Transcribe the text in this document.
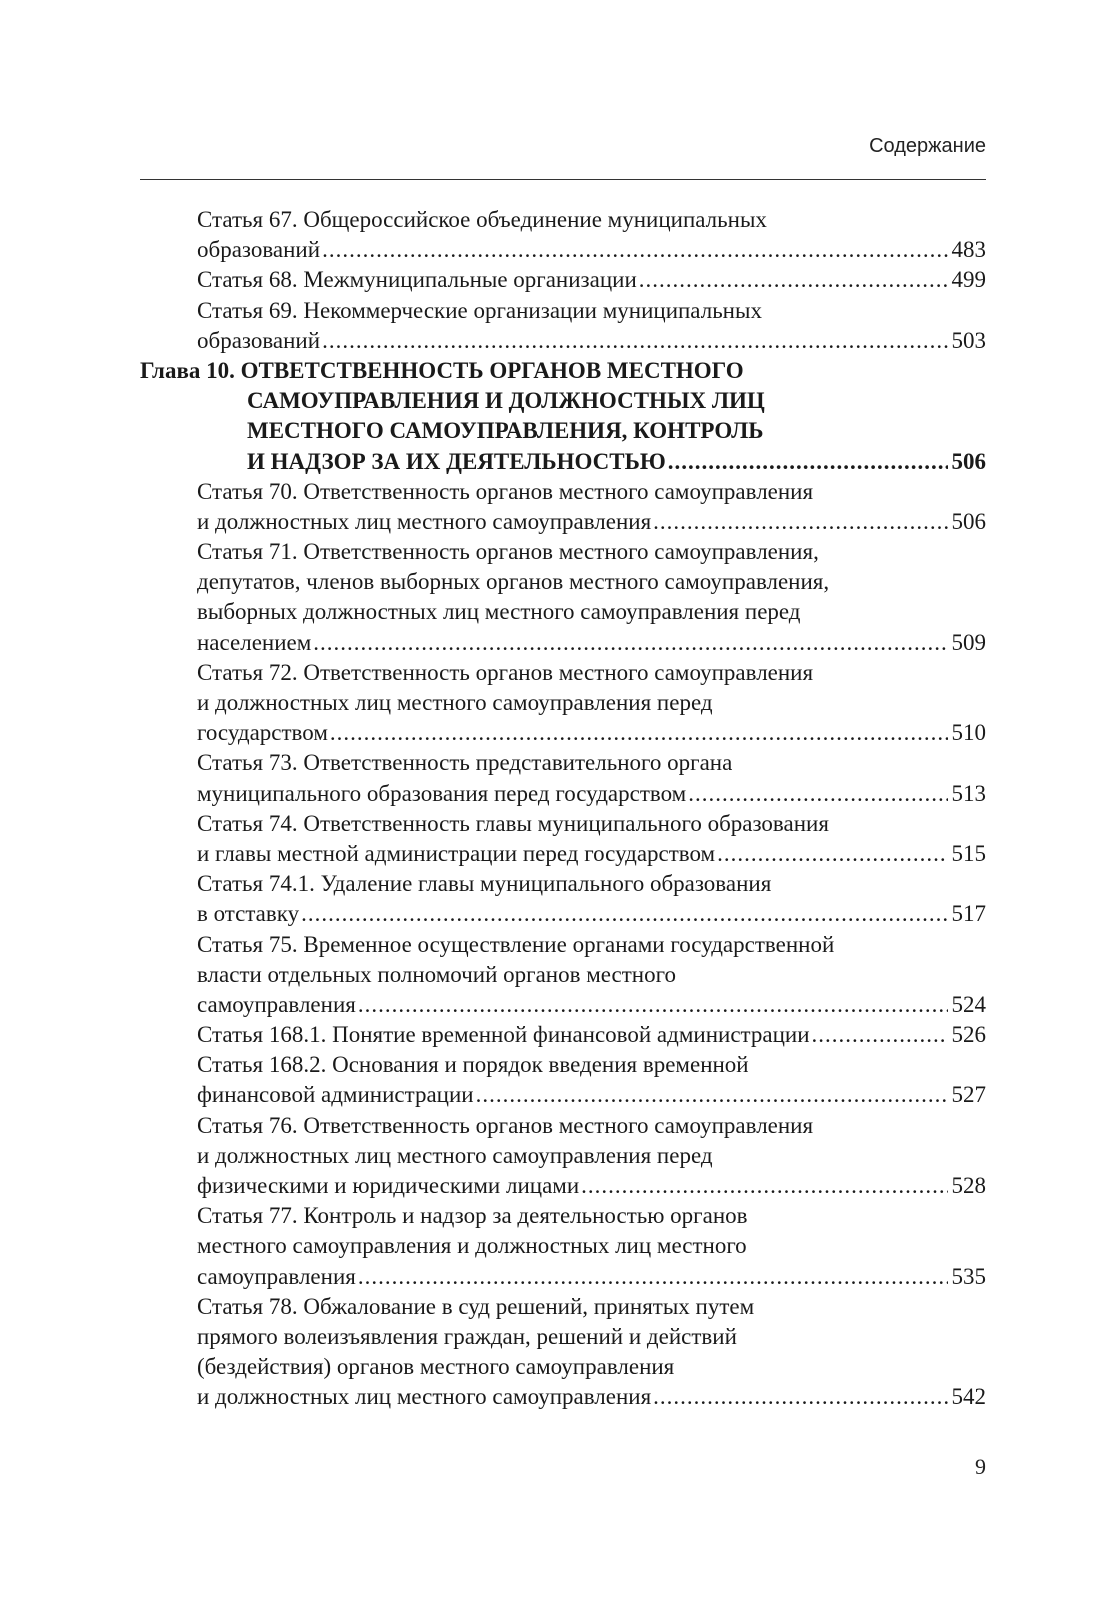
Содержание
Статья 67. Общероссийское объединение муниципальных
образований .....	483
Статья 68. Межмуниципальные организации .....	499
Статья 69. Некоммерческие организации муниципальных
образований .....	503
Глава 10. ОТВЕТСТВЕННОСТЬ ОРГАНОВ МЕСТНОГО
САМОУПРАВЛЕНИЯ И ДОЛЖНОСТНЫХ ЛИЦ
МЕСТНОГО САМОУПРАВЛЕНИЯ, КОНТРОЛЬ
И НАДЗОР ЗА ИХ ДЕЯТЕЛЬНОСТЬЮ .....	506
Статья 70. Ответственность органов местного самоуправления
и должностных лиц местного самоуправления .....	506
Статья 71. Ответственность органов местного самоуправления,
депутатов, членов выборных органов местного самоуправления,
выборных должностных лиц местного самоуправления перед
населением .....	509
Статья 72. Ответственность органов местного самоуправления
и должностных лиц местного самоуправления перед
государством .....	510
Статья 73. Ответственность представительного органа
муниципального образования перед государством .....	513
Статья 74. Ответственность главы муниципального образования
и главы местной администрации перед государством .....	515
Статья 74.1. Удаление главы муниципального образования
в отставку .....	517
Статья 75. Временное осуществление органами государственной
власти отдельных полномочий органов местного
самоуправления .....	524
Статья 168.1. Понятие временной финансовой администрации .....	526
Статья 168.2. Основания и порядок введения временной
финансовой администрации .....	527
Статья 76. Ответственность органов местного самоуправления
и должностных лиц местного самоуправления перед
физическими и юридическими лицами .....	528
Статья 77. Контроль и надзор за деятельностью органов
местного самоуправления и должностных лиц местного
самоуправления .....	535
Статья 78. Обжалование в суд решений, принятых путем
прямого волеизъявления граждан, решений и действий
(бездействия) органов местного самоуправления
и должностных лиц местного самоуправления .....	542
9
